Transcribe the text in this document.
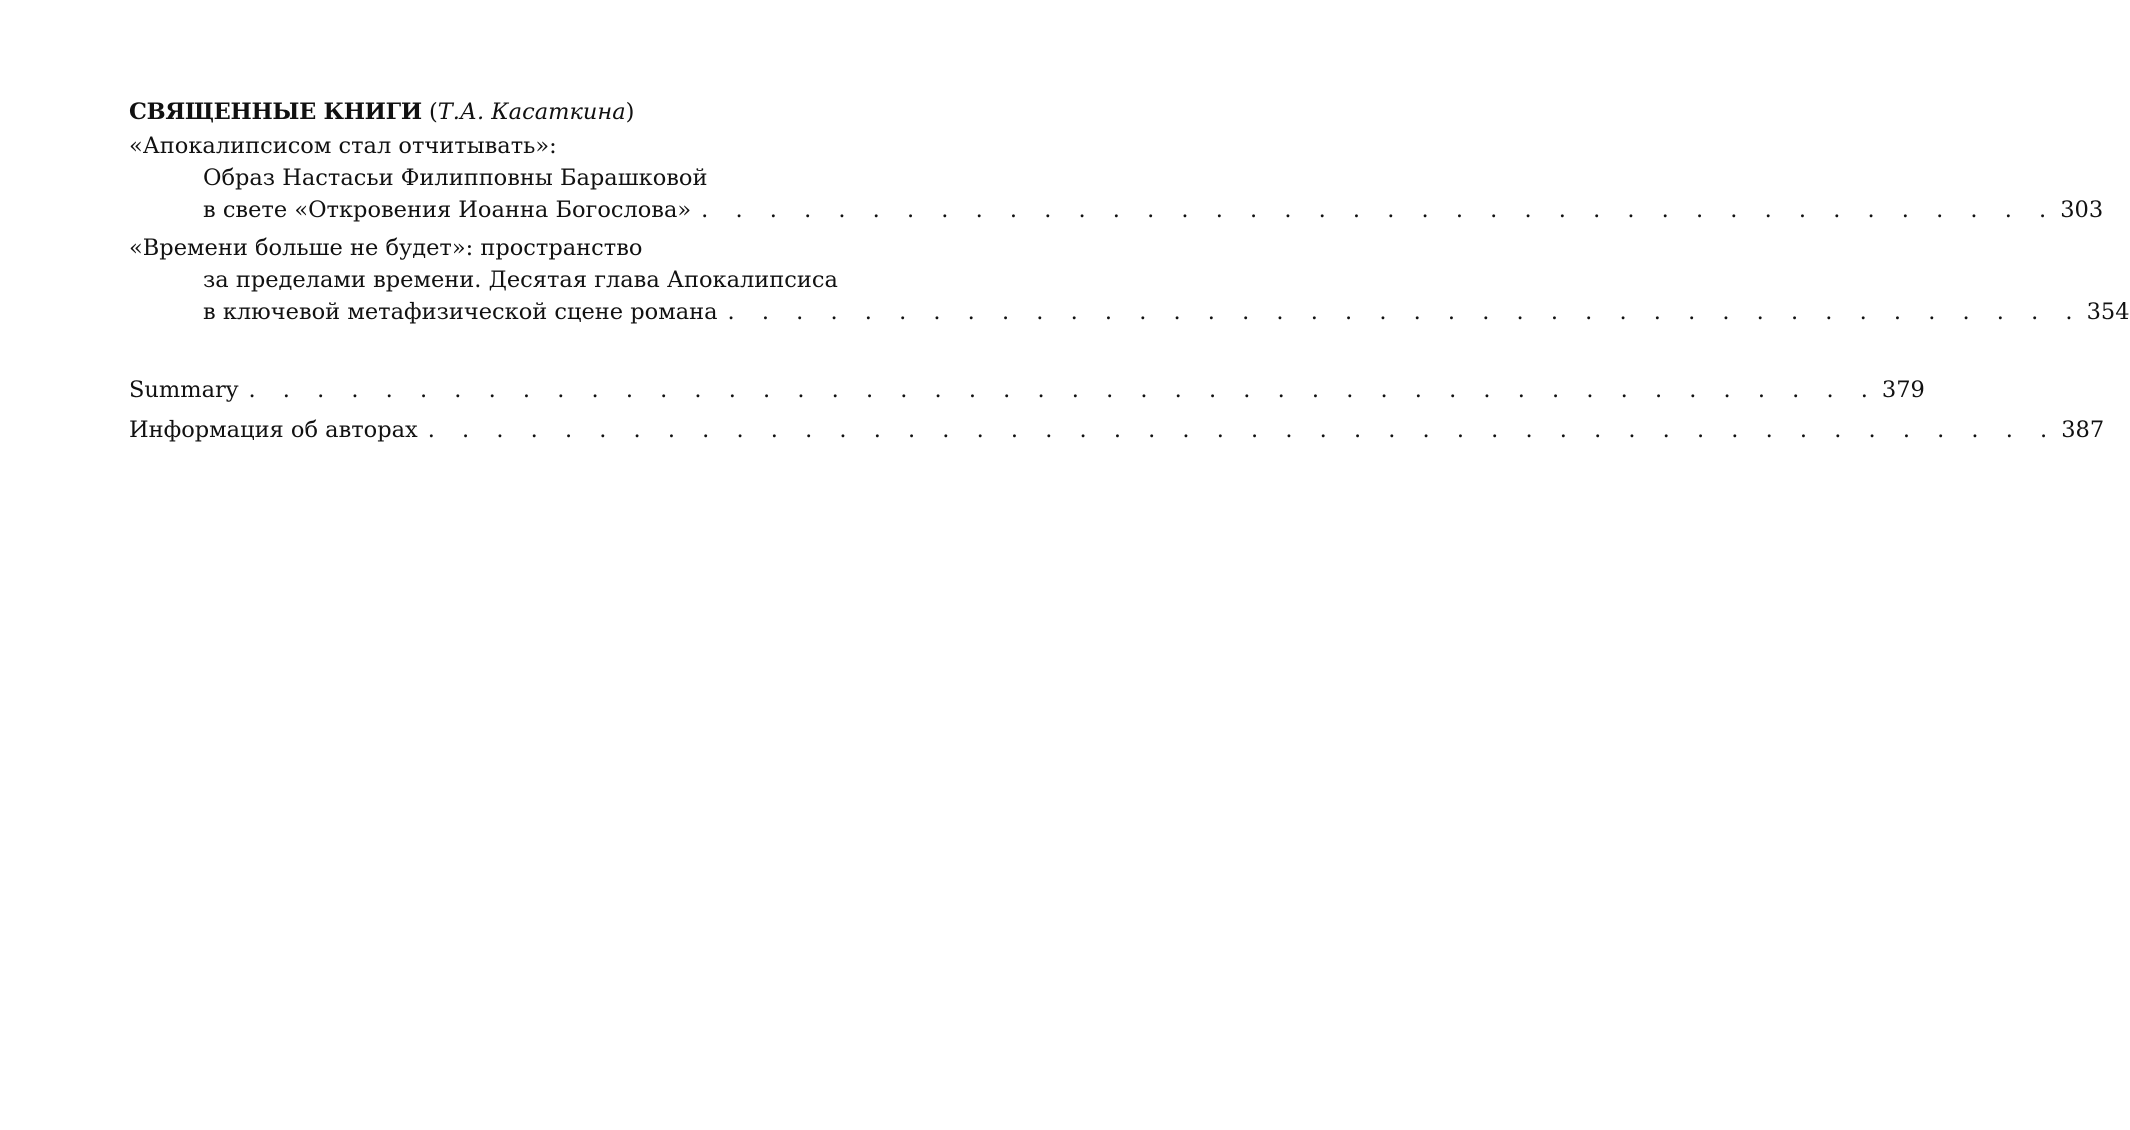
СВЯЩЕННЫЕ КНИГИ (Т.А. Касаткина)
«Апокалипсисом стал отчитывать»:
Образ Настасьи Филипповны Барашковой
в свете «Откровения Иоанна Богослова» . . . . . . . . . . . . . . . . . . . . . . . . . . . . . . . . . . . . . . . . 303
«Времени больше не будет»: пространство
за пределами времени. Десятая глава Апокалипсиса
в ключевой метафизической сцене романа . . . . . . . . . . . . . . . . . . . . . . . . . . . . . . . . . . . . . . . . 354
Summary . . . . . . . . . . . . . . . . . . . . . . . . . . . . . . . . . . . . . . . . . . . . . . . . 379
Информация об авторах . . . . . . . . . . . . . . . . . . . . . . . . . . . . . . . . . . . . . . . . . . . . . . . . 387
